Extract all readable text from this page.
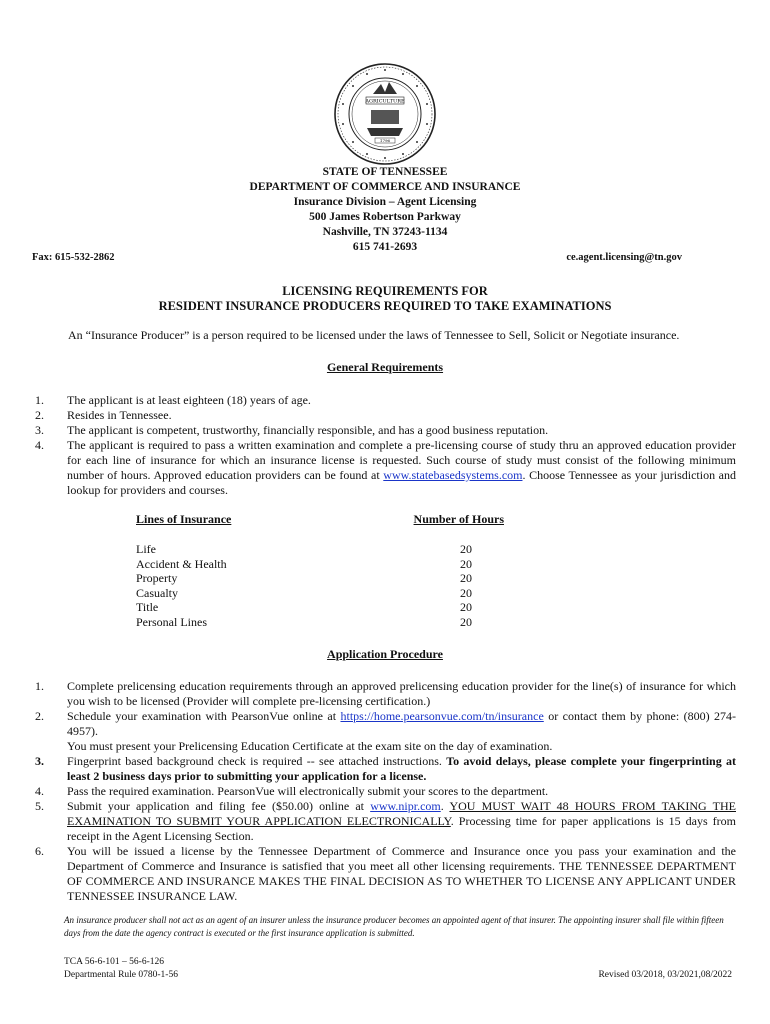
AGRICULTURE
1796
STATE OF TENNESSEE
DEPARTMENT OF COMMERCE AND INSURANCE
Insurance Division – Agent Licensing
500 James Robertson Parkway
Nashville, TN 37243-1134
615 741-2693
Fax: 615-532-2862	ce.agent.licensing@tn.gov
LICENSING REQUIREMENTS FOR
RESIDENT INSURANCE PRODUCERS REQUIRED TO TAKE EXAMINATIONS
An “Insurance Producer” is a person required to be licensed under the laws of Tennessee to Sell, Solicit or Negotiate insurance.
General Requirements
1.	The applicant is at least eighteen (18) years of age.
2.	Resides in Tennessee.
3.	The applicant is competent, trustworthy, financially responsible, and has a good business reputation.
4.	The applicant is required to pass a written examination and complete a pre-licensing course of study thru an approved education provider for each line of insurance for which an insurance license is requested. Such course of study must consist of the following minimum number of hours. Approved education providers can be found at www.statebasedsystems.com. Choose Tennessee as your jurisdiction and lookup for providers and courses.
Lines of Insurance	Number of Hours
Life	20
Accident & Health	20
Property	20
Casualty	20
Title	20
Personal Lines	20
Application Procedure
1.	Complete prelicensing education requirements through an approved prelicensing education provider for the line(s) of insurance for which you wish to be licensed (Provider will complete pre-licensing certification.)
2.	Schedule your examination with PearsonVue online at https://home.pearsonvue.com/tn/insurance or contact them by phone: (800) 274-4957).
You must present your Prelicensing Education Certificate at the exam site on the day of examination.
3.	Fingerprint based background check is required -- see attached instructions. To avoid delays, please complete your fingerprinting at least 2 business days prior to submitting your application for a license.
4.	Pass the required examination. PearsonVue will electronically submit your scores to the department.
5.	Submit your application and filing fee ($50.00) online at www.nipr.com. YOU MUST WAIT 48 HOURS FROM TAKING THE EXAMINATION TO SUBMIT YOUR APPLICATION ELECTRONICALLY. Processing time for paper applications is 15 days from receipt in the Agent Licensing Section.
6.	You will be issued a license by the Tennessee Department of Commerce and Insurance once you pass your examination and the Department of Commerce and Insurance is satisfied that you meet all other licensing requirements. THE TENNESSEE DEPARTMENT OF COMMERCE AND INSURANCE MAKES THE FINAL DECISION AS TO WHETHER TO LICENSE ANY APPLICANT UNDER TENNESSEE INSURANCE LAW.
An insurance producer shall not act as an agent of an insurer unless the insurance producer becomes an appointed agent of that insurer. The appointing insurer shall file within fifteen days from the date the agency contract is executed or the first insurance application is submitted.
TCA 56-6-101 – 56-6-126
Departmental Rule 0780-1-56	Revised 03/2018, 03/2021,08/2022
